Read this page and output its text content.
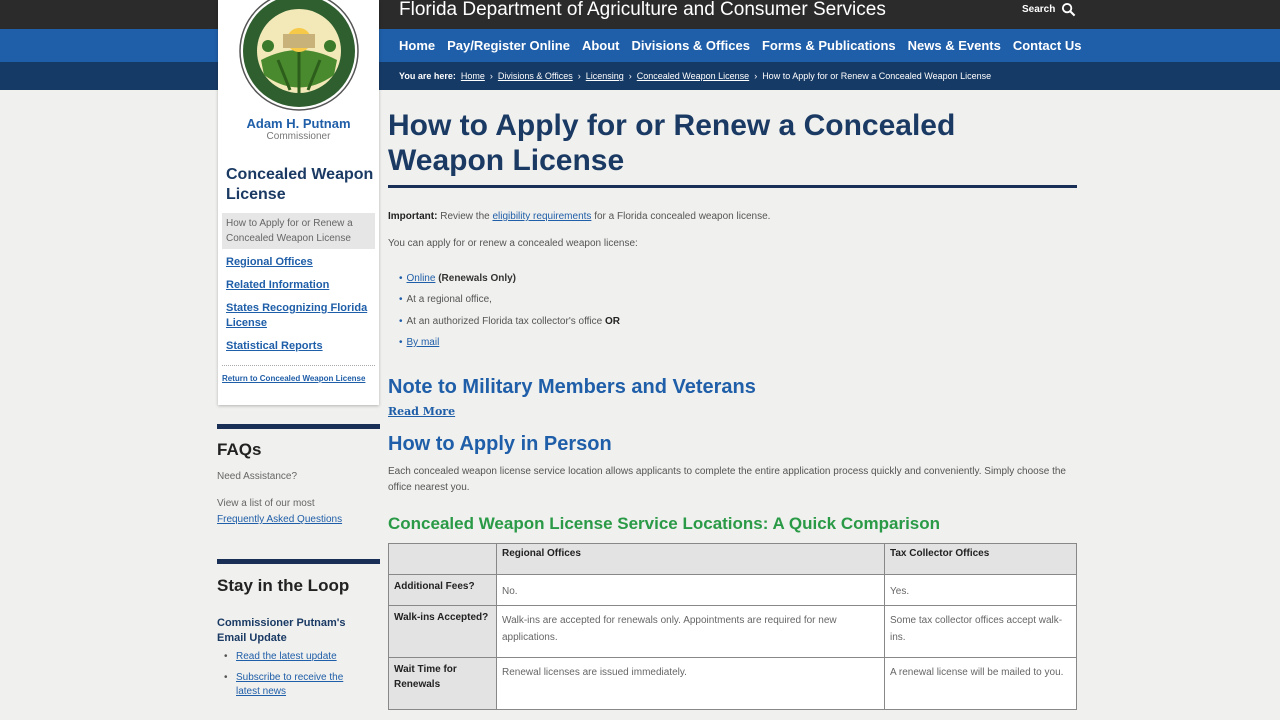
Florida Department of Agriculture and Consumer Services	Search
Home Pay/Register Online About Divisions & Offices Forms & Publications News & Events Contact Us
You are here: Home › Divisions & Offices › Licensing › Concealed Weapon License › How to Apply for or Renew a Concealed Weapon License
Adam H. Putnam
Commissioner
Concealed Weapon License
How to Apply for or Renew a Concealed Weapon License
Regional Offices
Related Information
States Recognizing Florida License
Statistical Reports
Return to Concealed Weapon License
FAQs
Need Assistance?
View a list of our most
Frequently Asked Questions
Stay in the Loop
Commissioner Putnam's Email Update
• Read the latest update
• Subscribe to receive the latest news
How to Apply for or Renew a Concealed Weapon License
Important: Review the eligibility requirements for a Florida concealed weapon license.
You can apply for or renew a concealed weapon license:
• Online (Renewals Only)
• At a regional office,
• At an authorized Florida tax collector's office OR
• By mail
Note to Military Members and Veterans
Read More
How to Apply in Person
Each concealed weapon license service location allows applicants to complete the entire application process quickly and conveniently. Simply choose the office nearest you.
Concealed Weapon License Service Locations: A Quick Comparison
	Regional Offices	Tax Collector Offices
Additional Fees?	No.	Yes.
Walk-ins Accepted?	Walk-ins are accepted for renewals only. Appointments are required for new applications.	Some tax collector offices accept walk-ins.
Wait Time for Renewals	Renewal licenses are issued immediately.	A renewal license will be mailed to you.
